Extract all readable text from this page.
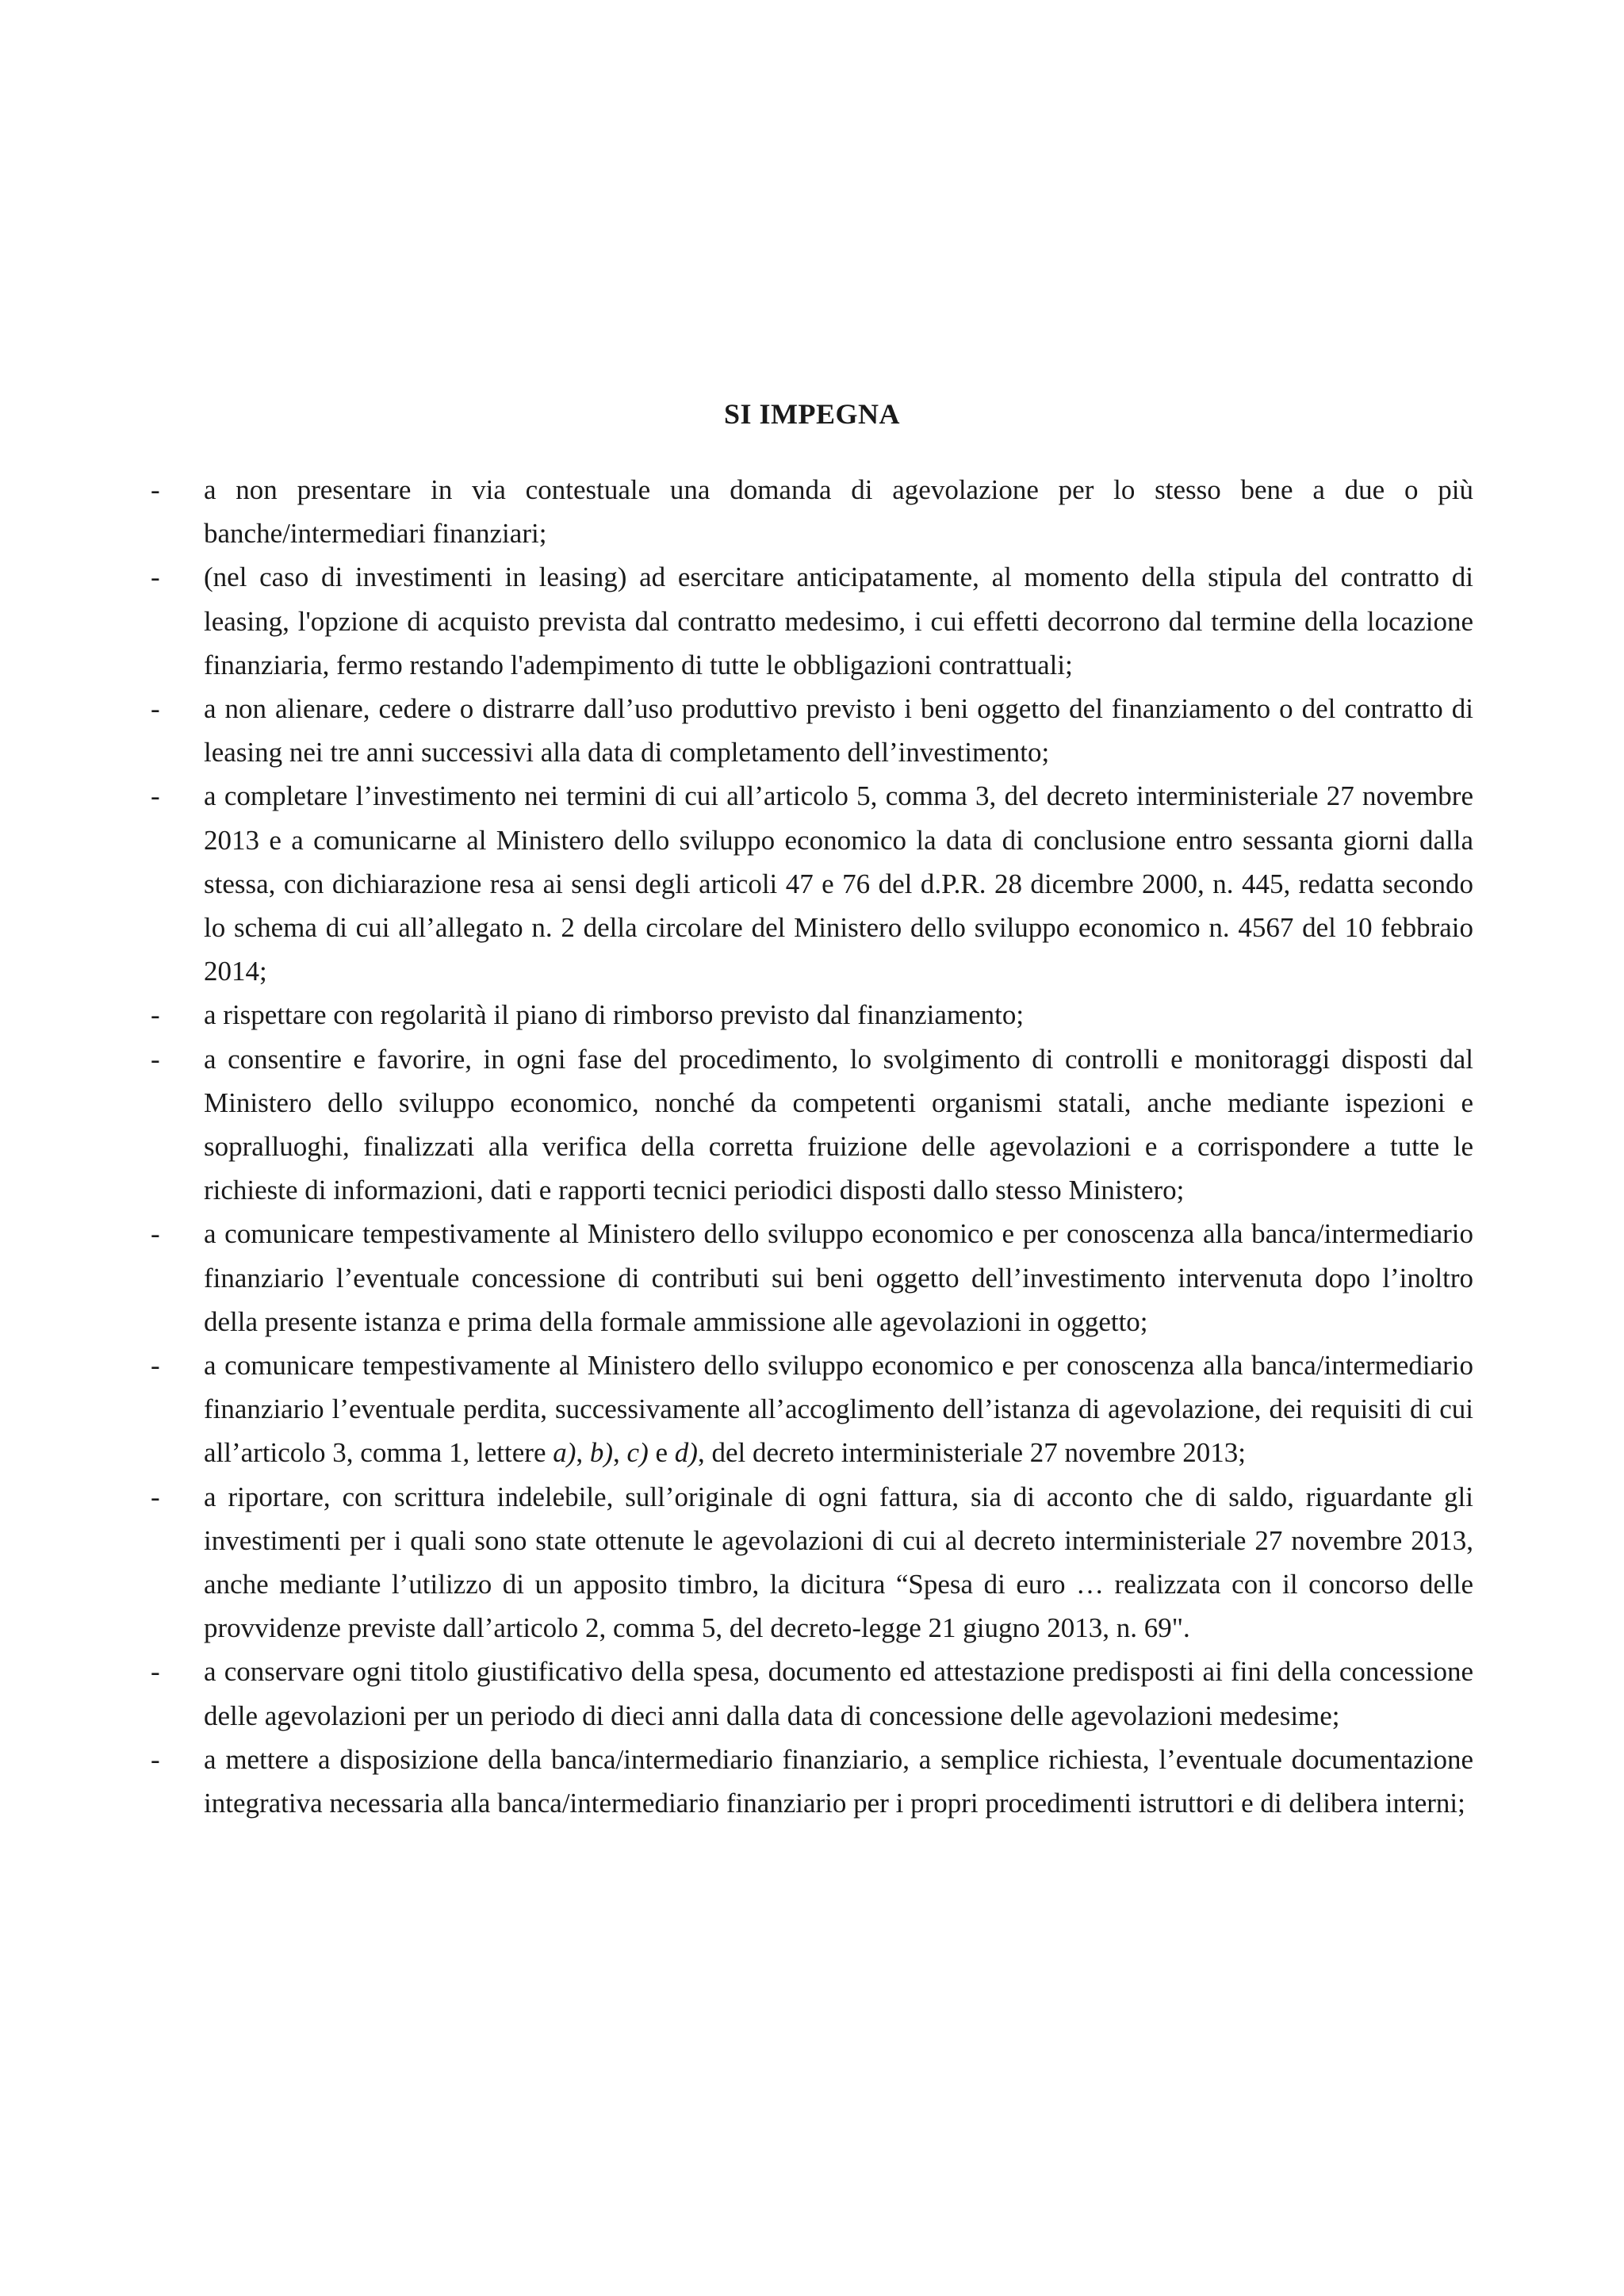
SI IMPEGNA
- a non presentare in via contestuale una domanda di agevolazione per lo stesso bene a due o più banche/intermediari finanziari;
- (nel caso di investimenti in leasing) ad esercitare anticipatamente, al momento della stipula del contratto di leasing, l'opzione di acquisto prevista dal contratto medesimo, i cui effetti decorrono dal termine della locazione finanziaria, fermo restando l'adempimento di tutte le obbligazioni contrattuali;
- a non alienare, cedere o distrarre dall’uso produttivo previsto i beni oggetto del finanziamento o del contratto di leasing nei tre anni successivi alla data di completamento dell’investimento;
- a completare l’investimento nei termini di cui all’articolo 5, comma 3, del decreto interministeriale 27 novembre 2013 e a comunicarne al Ministero dello sviluppo economico la data di conclusione entro sessanta giorni dalla stessa, con dichiarazione resa ai sensi degli articoli 47 e 76 del d.P.R. 28 dicembre 2000, n. 445, redatta secondo lo schema di cui all’allegato n. 2 della circolare del Ministero dello sviluppo economico n. 4567 del 10 febbraio 2014;
- a rispettare con regolarità il piano di rimborso previsto dal finanziamento;
- a consentire e favorire, in ogni fase del procedimento, lo svolgimento di controlli e monitoraggi disposti dal Ministero dello sviluppo economico, nonché da competenti organismi statali, anche mediante ispezioni e sopralluoghi, finalizzati alla verifica della corretta fruizione delle agevolazioni e a corrispondere a tutte le richieste di informazioni, dati e rapporti tecnici periodici disposti dallo stesso Ministero;
- a comunicare tempestivamente al Ministero dello sviluppo economico e per conoscenza alla banca/intermediario finanziario l’eventuale concessione di contributi sui beni oggetto dell’investimento intervenuta dopo l’inoltro della presente istanza e prima della formale ammissione alle agevolazioni in oggetto;
- a comunicare tempestivamente al Ministero dello sviluppo economico e per conoscenza alla banca/intermediario finanziario l’eventuale perdita, successivamente all’accoglimento dell’istanza di agevolazione, dei requisiti di cui all’articolo 3, comma 1, lettere a), b), c) e d), del decreto interministeriale 27 novembre 2013;
- a riportare, con scrittura indelebile, sull’originale di ogni fattura, sia di acconto che di saldo, riguardante gli investimenti per i quali sono state ottenute le agevolazioni di cui al decreto interministeriale 27 novembre 2013, anche mediante l’utilizzo di un apposito timbro, la dicitura “Spesa di euro … realizzata con il concorso delle provvidenze previste dall’articolo 2, comma 5, del decreto-legge 21 giugno 2013, n. 69".
- a conservare ogni titolo giustificativo della spesa, documento ed attestazione predisposti ai fini della concessione delle agevolazioni per un periodo di dieci anni dalla data di concessione delle agevolazioni medesime;
- a mettere a disposizione della banca/intermediario finanziario, a semplice richiesta, l’eventuale documentazione integrativa necessaria alla banca/intermediario finanziario per i propri procedimenti istruttori e di delibera interni;
